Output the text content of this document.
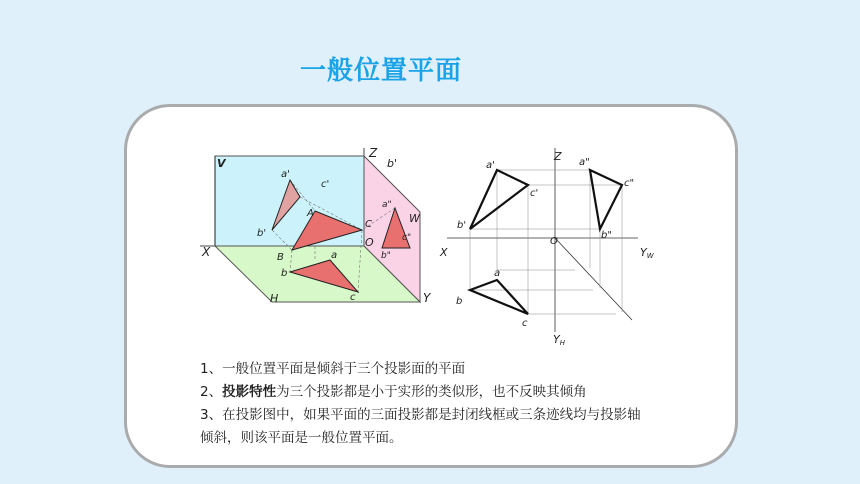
一般位置平面
V
Z
b'
W
H
X
Y
O
a'
c'
b'
A
C
B
a"
c"
b"
a
b
c
Z
X
O
YW
YH
a'
c'
b'
a"
c"
b"
a
b
c

1、一般位置平面是倾斜于三个投影面的平面

2、投影特性为三个投影都是小于实形的类似形，也不反映其倾角

3、在投影图中，如果平面的三面投影都是封闭线框或三条迹线均与投影轴

倾斜，则该平面是一般位置平面。
